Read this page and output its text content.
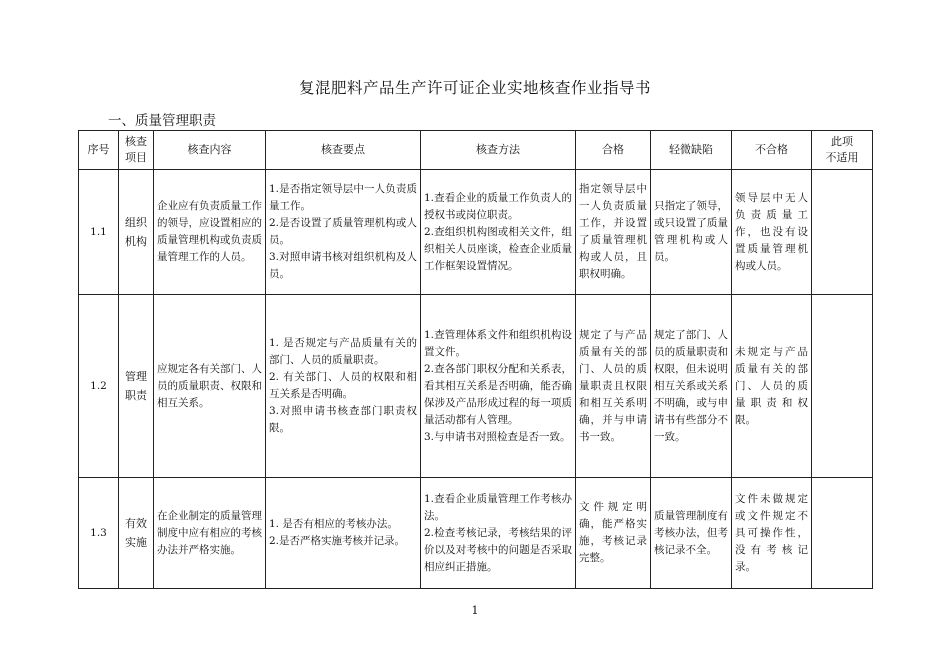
复混肥料产品生产许可证企业实地核查作业指导书
一、质量管理职责
序号	核查
项目	核查内容	核查要点	核查方法	合格	轻微缺陷	不合格	此项
不适用

1.1	组织
机构	企业应有负责质量工作的领导，应设置相应的质量管理机构或负责质量管理工作的人员。	1.是否指定领导层中一人负责质量工作。
2.是否设置了质量管理机构或人员。
3.对照申请书核对组织机构及人员。	1.查看企业的质量工作负责人的授权书或岗位职责。
2.查组织机构图或相关文件，组织相关人员座谈，检查企业质量工作框架设置情况。	指定领导层中一人负责质量工作，并设置了质量管理机构或人员，且职权明确。	只指定了领导，或只设置了质量管理机构或人员。	领导层中无人负责质量工作，也没有设置质量管理机构或人员。	

1.2	管理
职责	应规定各有关部门、人员的质量职责、权限和相互关系。	1. 是否规定与产品质量有关的部门、人员的质量职责。
2. 有关部门、人员的权限和相互关系是否明确。
3.对照申请书核查部门职责权限。	1.查管理体系文件和组织机构设置文件。
2.查各部门职权分配和关系表，看其相互关系是否明确，能否确保涉及产品形成过程的每一项质量活动都有人管理。
3.与申请书对照检查是否一致。	规定了与产品质量有关的部门、人员的质量职责且权限和相互关系明确，并与申请书一致。	规定了部门、人员的质量职责和权限，但未说明相互关系或关系不明确，或与申请书有些部分不一致。	未规定与产品质量有关的部门、人员的质量职责和权限。	

1.3	有效
实施	在企业制定的质量管理制度中应有相应的考核办法并严格实施。	1. 是否有相应的考核办法。
2.是否严格实施考核并记录。	1.查看企业质量管理工作考核办法。
2.检查考核记录，考核结果的评价以及对考核中的问题是否采取相应纠正措施。	文件规定明确，能严格实施，考核记录完整。	质量管理制度有考核办法，但考核记录不全。	文件未做规定或文件规定不具可操作性，没有考核记录。	

1
